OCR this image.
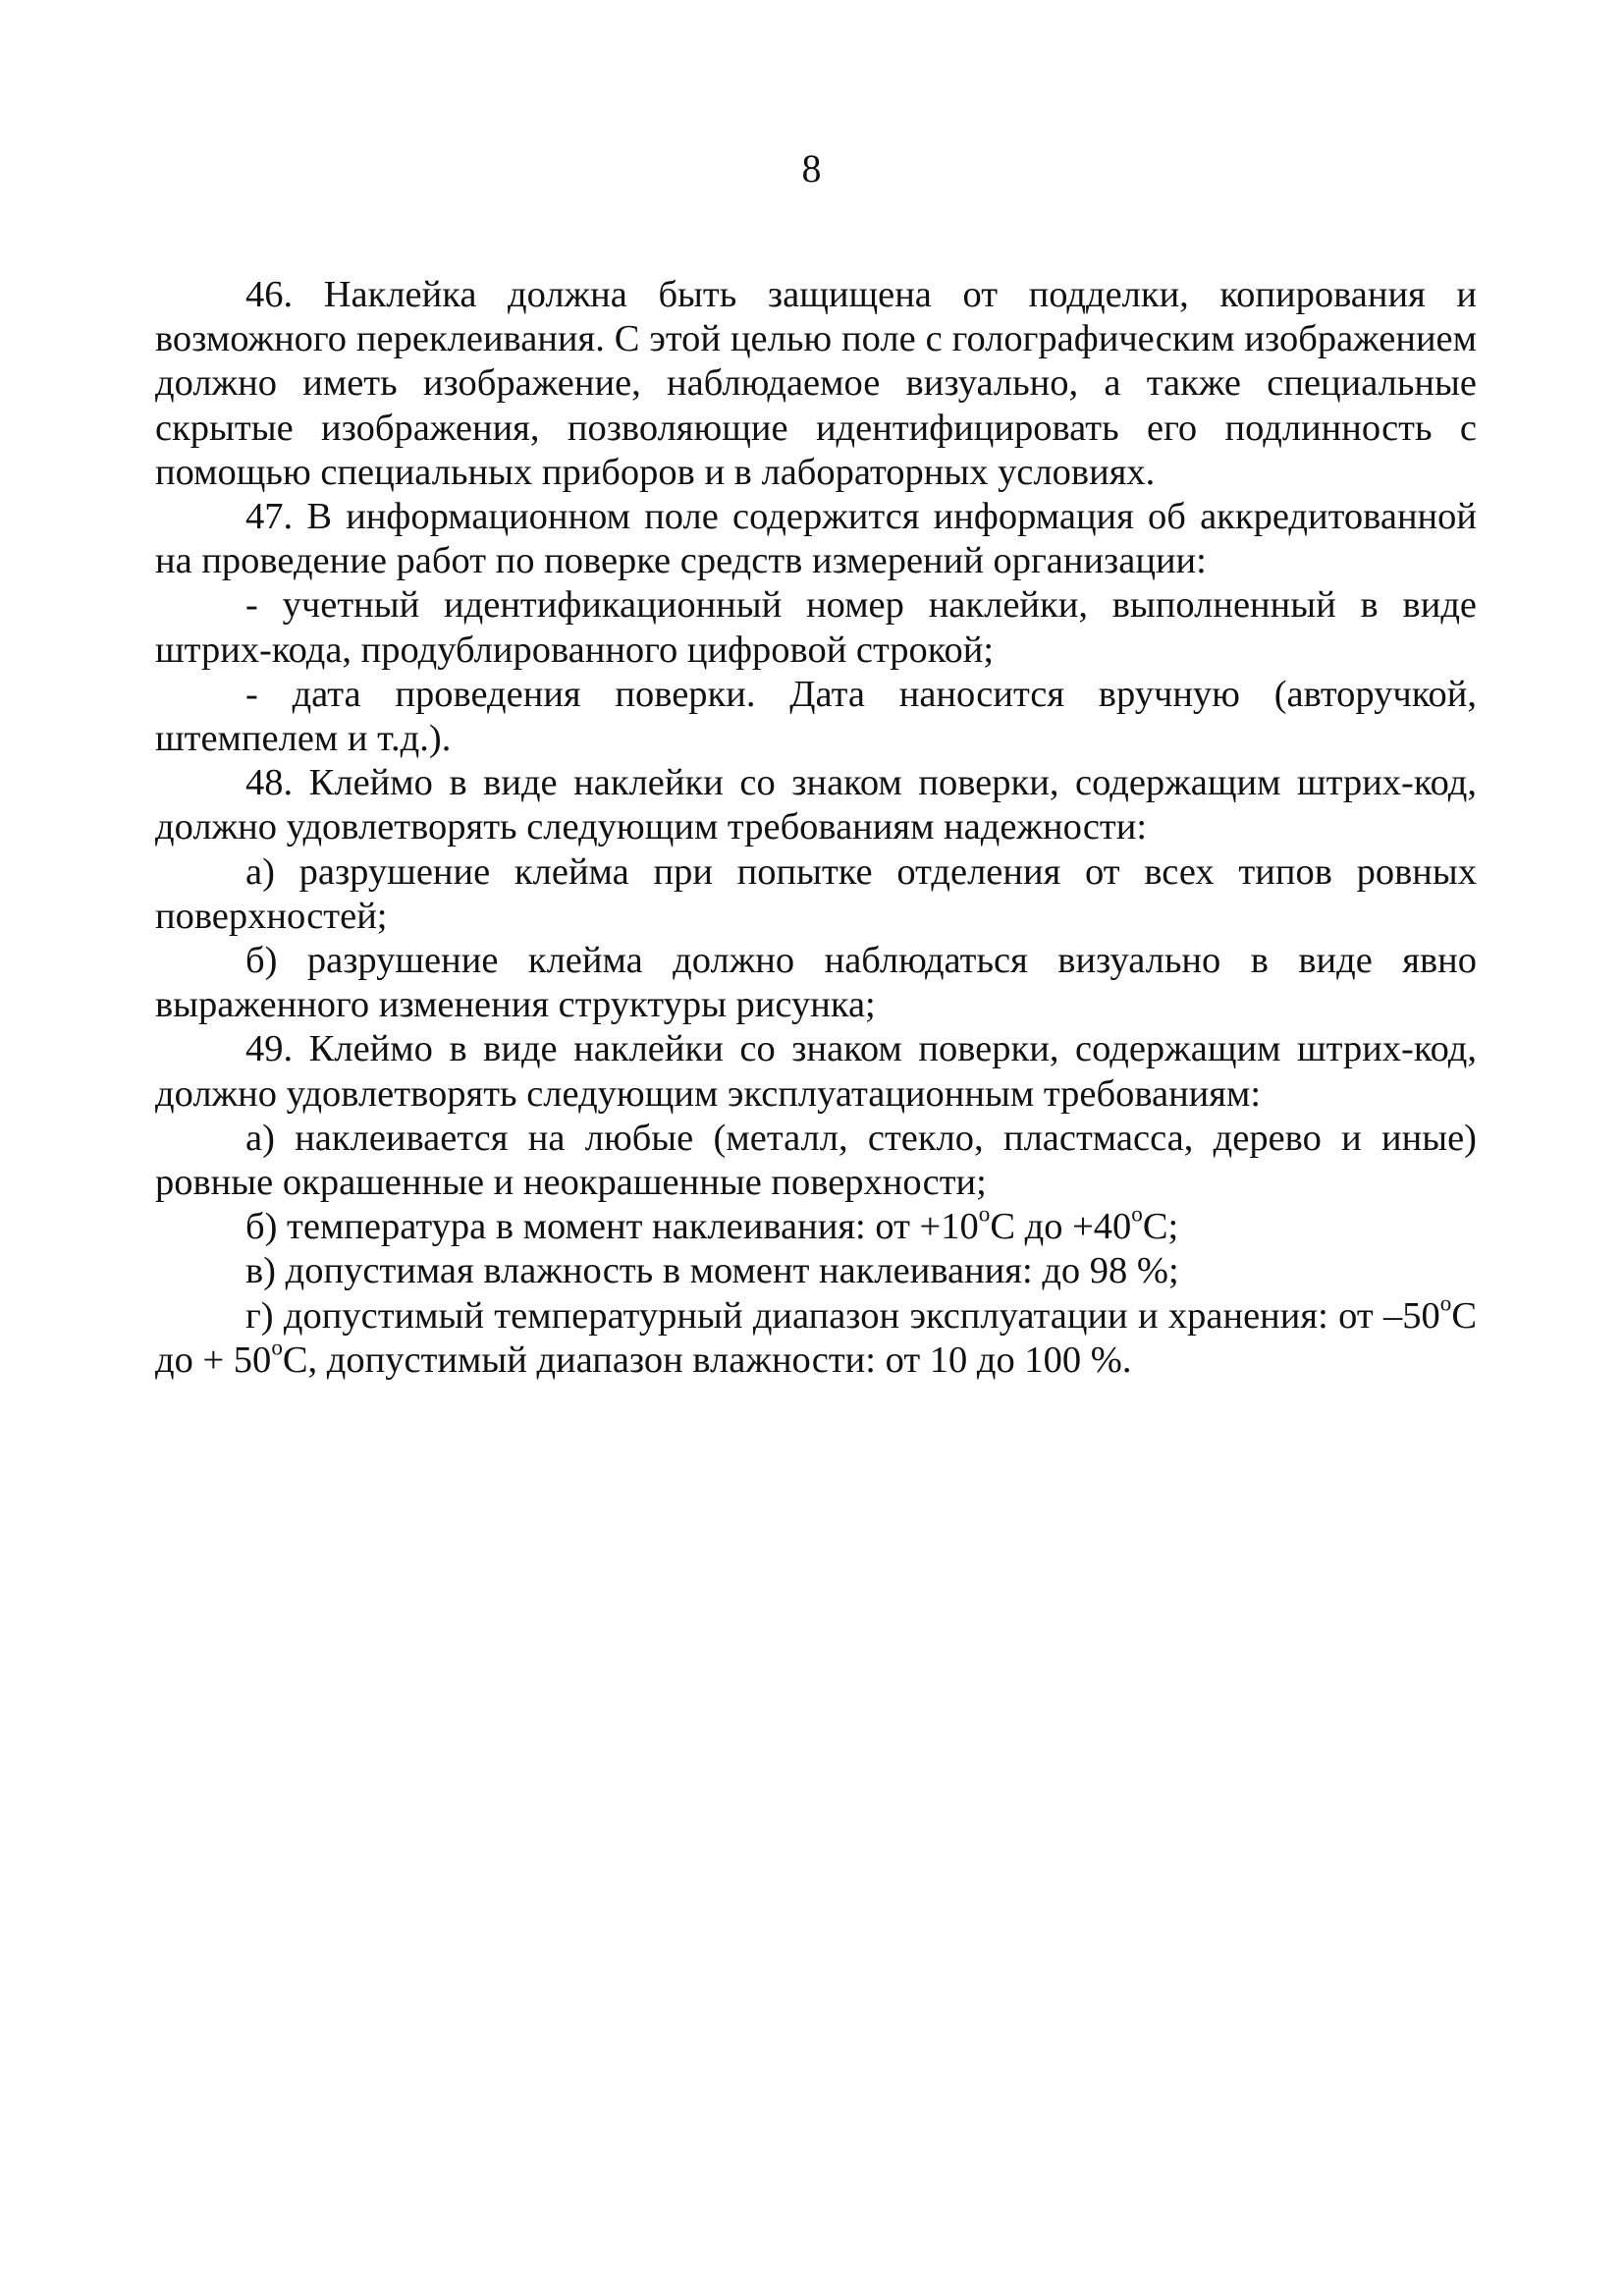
8

46. Наклейка должна быть защищена от подделки, копирования и возможного переклеивания. С этой целью поле с голографическим изображением должно иметь изображение, наблюдаемое визуально, а также специальные скрытые изображения, позволяющие идентифицировать его подлинность с помощью специальных приборов и в лабораторных условиях.

47. В информационном поле содержится информация об аккредитованной на проведение работ по поверке средств измерений организации:

- учетный идентификационный номер наклейки, выполненный в виде штрих-кода, продублированного цифровой строкой;

- дата проведения поверки. Дата наносится вручную (авторучкой, штемпелем и т.д.).

48. Клеймо в виде наклейки со знаком поверки, содержащим штрих-код, должно удовлетворять следующим требованиям надежности:

а) разрушение клейма при попытке отделения от всех типов ровных поверхностей;

б) разрушение клейма должно наблюдаться визуально в виде явно выраженного изменения структуры рисунка;

49. Клеймо в виде наклейки со знаком поверки, содержащим штрих-код, должно удовлетворять следующим эксплуатационным требованиям:

а) наклеивается на любые (металл, стекло, пластмасса, дерево и иные) ровные окрашенные и неокрашенные поверхности;

б) температура в момент наклеивания: от $+10^оС$ до $+40^оС$;

в) допустимая влажность в момент наклеивания: до 98 %;

г) допустимый температурный диапазон эксплуатации и хранения: от $-50^оС$ до + $50^оС$, допустимый диапазон влажности: от 10 до 100 %.
